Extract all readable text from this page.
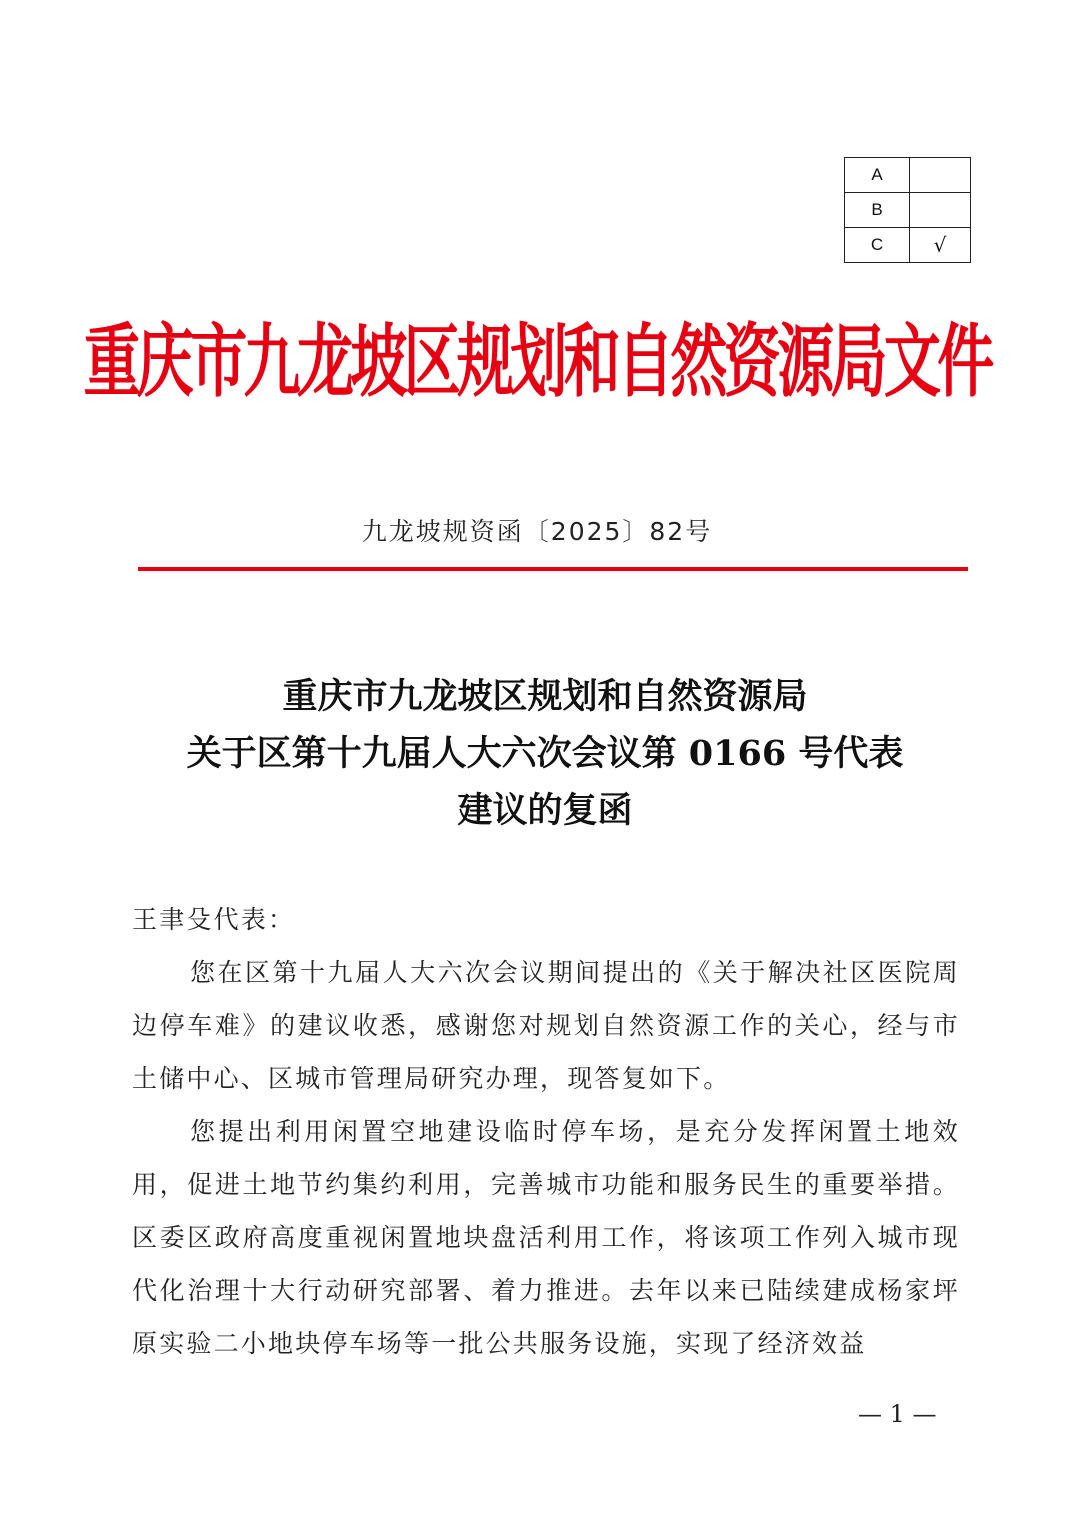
A	
B	
C	√
重庆市九龙坡区规划和自然资源局文件
九龙坡规资函〔2025〕82号
重庆市九龙坡区规划和自然资源局
关于区第十九届人大六次会议第 0166 号代表
建议的复函

王聿殳代表：

您在区第十九届人大六次会议期间提出的《关于解决社区医院周边停车难》的建议收悉，感谢您对规划自然资源工作的关心，经与市土储中心、区城市管理局研究办理，现答复如下。

您提出利用闲置空地建设临时停车场，是充分发挥闲置土地效用，促进土地节约集约利用，完善城市功能和服务民生的重要举措。区委区政府高度重视闲置地块盘活利用工作，将该项工作列入城市现代化治理十大行动研究部署、着力推进。去年以来已陆续建成杨家坪原实验二小地块停车场等一批公共服务设施，实现了经济效益

— 1 —
